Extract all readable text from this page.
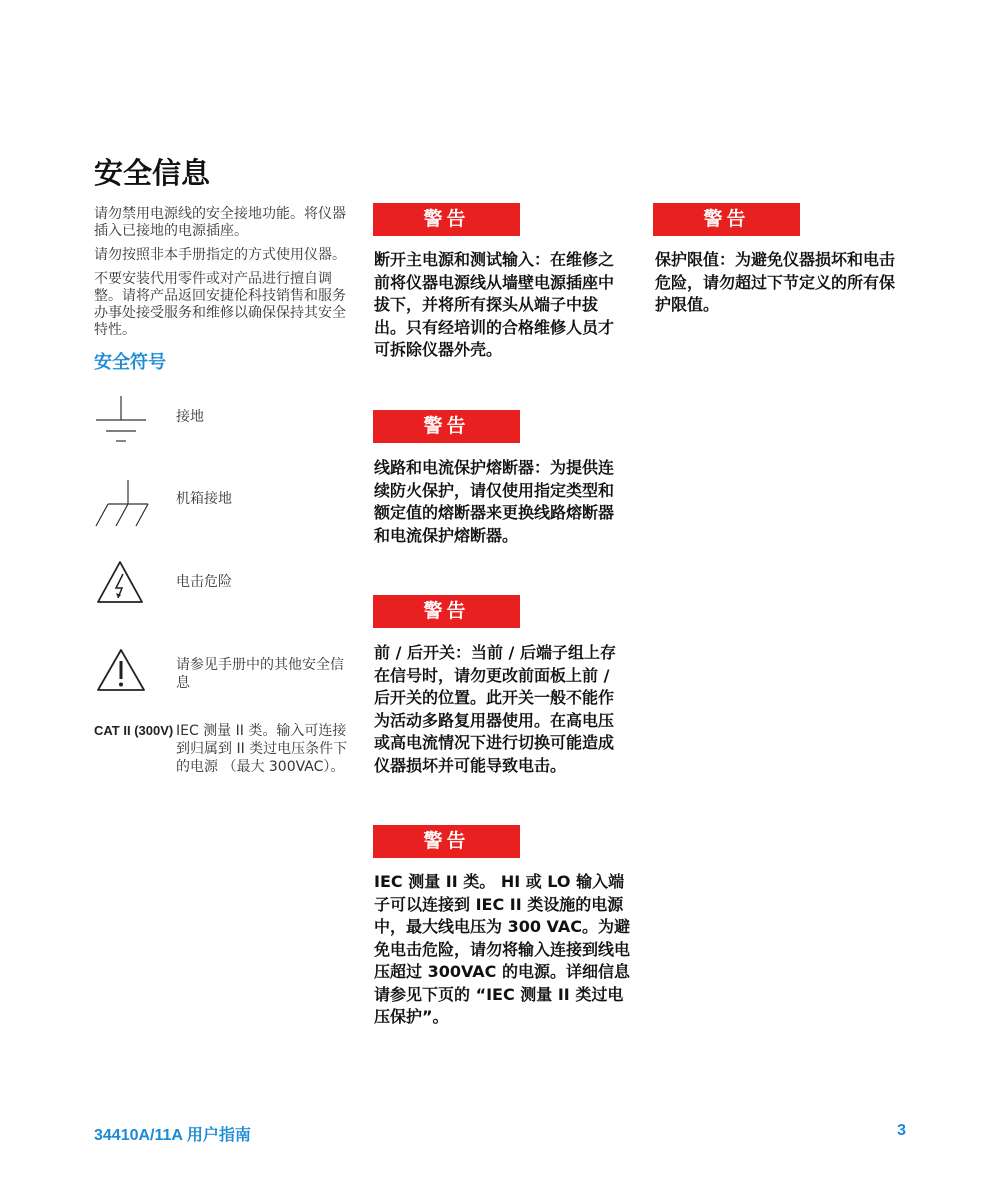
安全信息

请勿禁用电源线的安全接地功能。将仪器插入已接地的电源插座。

请勿按照非本手册指定的方式使用仪器。

不要安装代用零件或对产品进行擅自调整。请将产品返回安捷伦科技销售和服务办事处接受服务和维修以确保保持其安全特性。

安全符号
接地
机箱接地
电击危险
请参见手册中的其他安全信息
CAT II (300V) IEC 测量 II 类。输入可连接到归属到 II 类过电压条件下的电源 （最大 300VAC）。
警告
断开主电源和测试输入：在维修之前将仪器电源线从墙壁电源插座中拔下，并将所有探头从端子中拔出。只有经培训的合格维修人员才可拆除仪器外壳。
警告
线路和电流保护熔断器：为提供连续防火保护，请仅使用指定类型和额定值的熔断器来更换线路熔断器和电流保护熔断器。
警告
前 / 后开关：当前 / 后端子组上存在信号时，请勿更改前面板上前 / 后开关的位置。此开关一般不能作为活动多路复用器使用。在高电压或高电流情况下进行切换可能造成仪器损坏并可能导致电击。
警告
IEC 测量 II 类。 HI 或 LO 输入端子可以连接到 IEC II 类设施的电源中，最大线电压为 300 VAC。为避免电击危险，请勿将输入连接到线电压超过 300VAC 的电源。详细信息请参见下页的 “IEC 测量 II 类过电压保护”。
警告
保护限值：为避免仪器损坏和电击危险，请勿超过下节定义的所有保护限值。
34410A/11A 用户指南	3
